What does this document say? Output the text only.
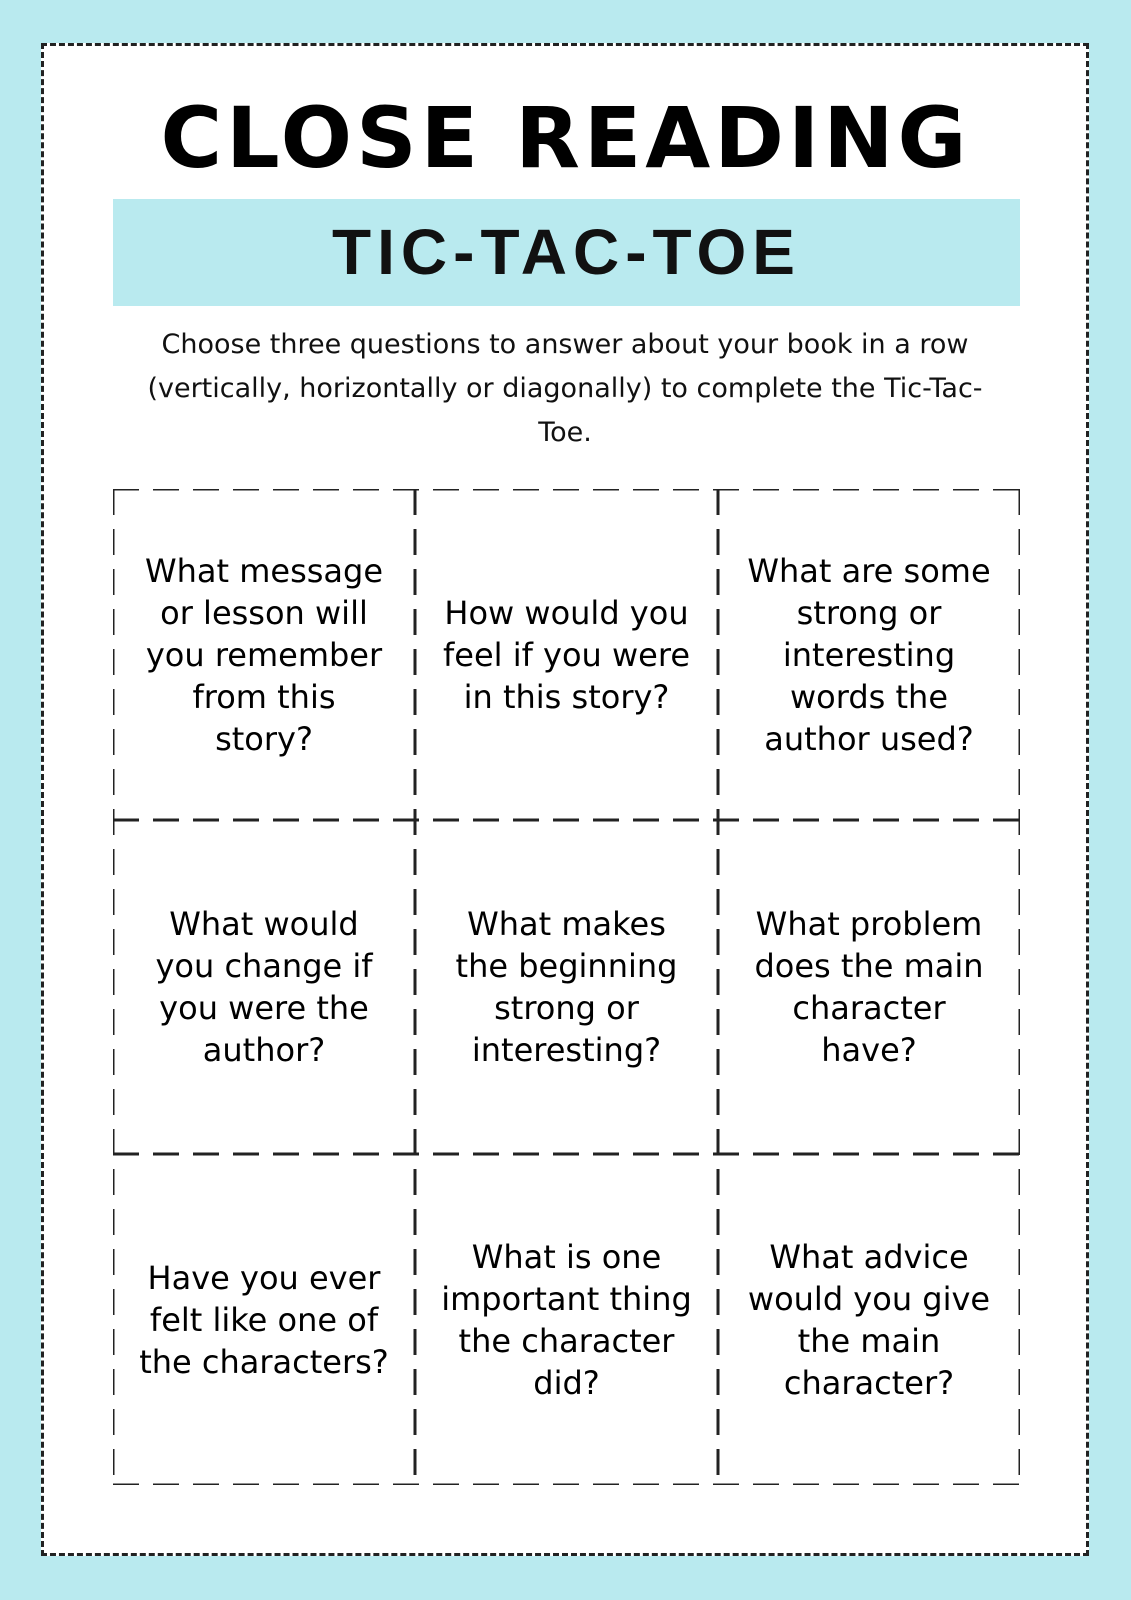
CLOSE READING
TIC-TAC-TOE

Choose three questions to answer about your book in a row (vertically, horizontally or diagonally) to complete the Tic-Tac-Toe.

What message or lesson will you remember from this story?
How would you feel if you were in this story?
What are some strong or interesting words the author used?
What would you change if you were the author?
What makes the beginning strong or interesting?
What problem does the main character have?
Have you ever felt like one of the characters?
What is one important thing the character did?
What advice would you give the main character?
